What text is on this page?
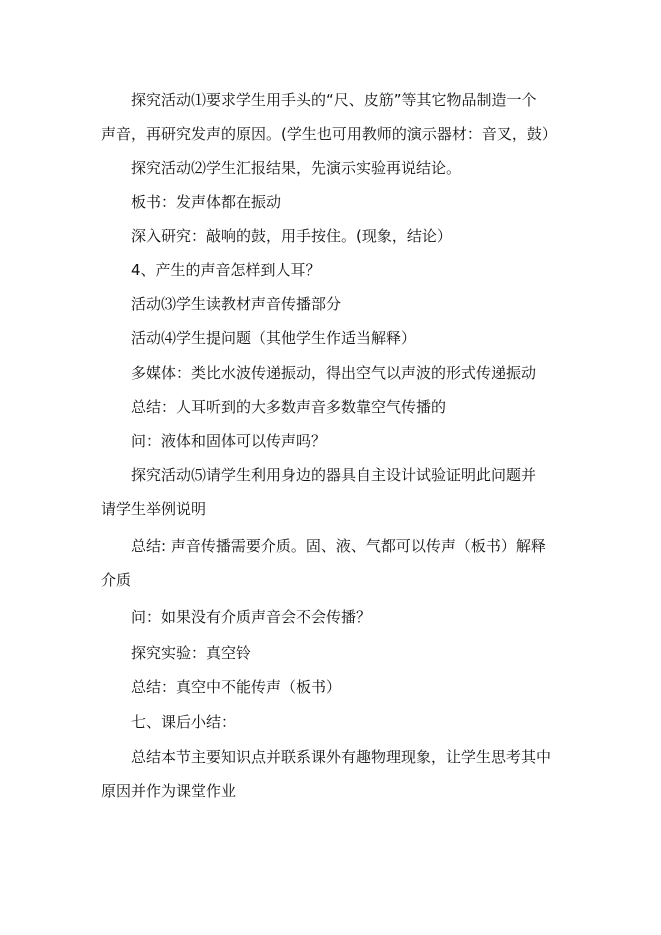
探究活动⑴要求学生用手头的“尺、皮筋”等其它物品制造一个
声音，再研究发声的原因。(学生也可用教师的演示器材：音叉，鼓）

探究活动⑵学生汇报结果，先演示实验再说结论。

板书：发声体都在振动

深入研究：敲响的鼓，用手按住。(现象，结论）

4、产生的声音怎样到人耳？

活动⑶学生读教材声音传播部分

活动⑷学生提问题（其他学生作适当解释）

多媒体：类比水波传递振动，得出空气以声波的形式传递振动

总结：人耳听到的大多数声音多数靠空气传播的

问：液体和固体可以传声吗？

探究活动⑸请学生利用身边的器具自主设计试验证明此问题并
请学生举例说明

总结: 声音传播需要介质。固、液、气都可以传声（板书）解释
介质

问：如果没有介质声音会不会传播？

探究实验：真空铃

总结：真空中不能传声（板书）

七、课后小结：

总结本节主要知识点并联系课外有趣物理现象，让学生思考其中
原因并作为课堂作业
